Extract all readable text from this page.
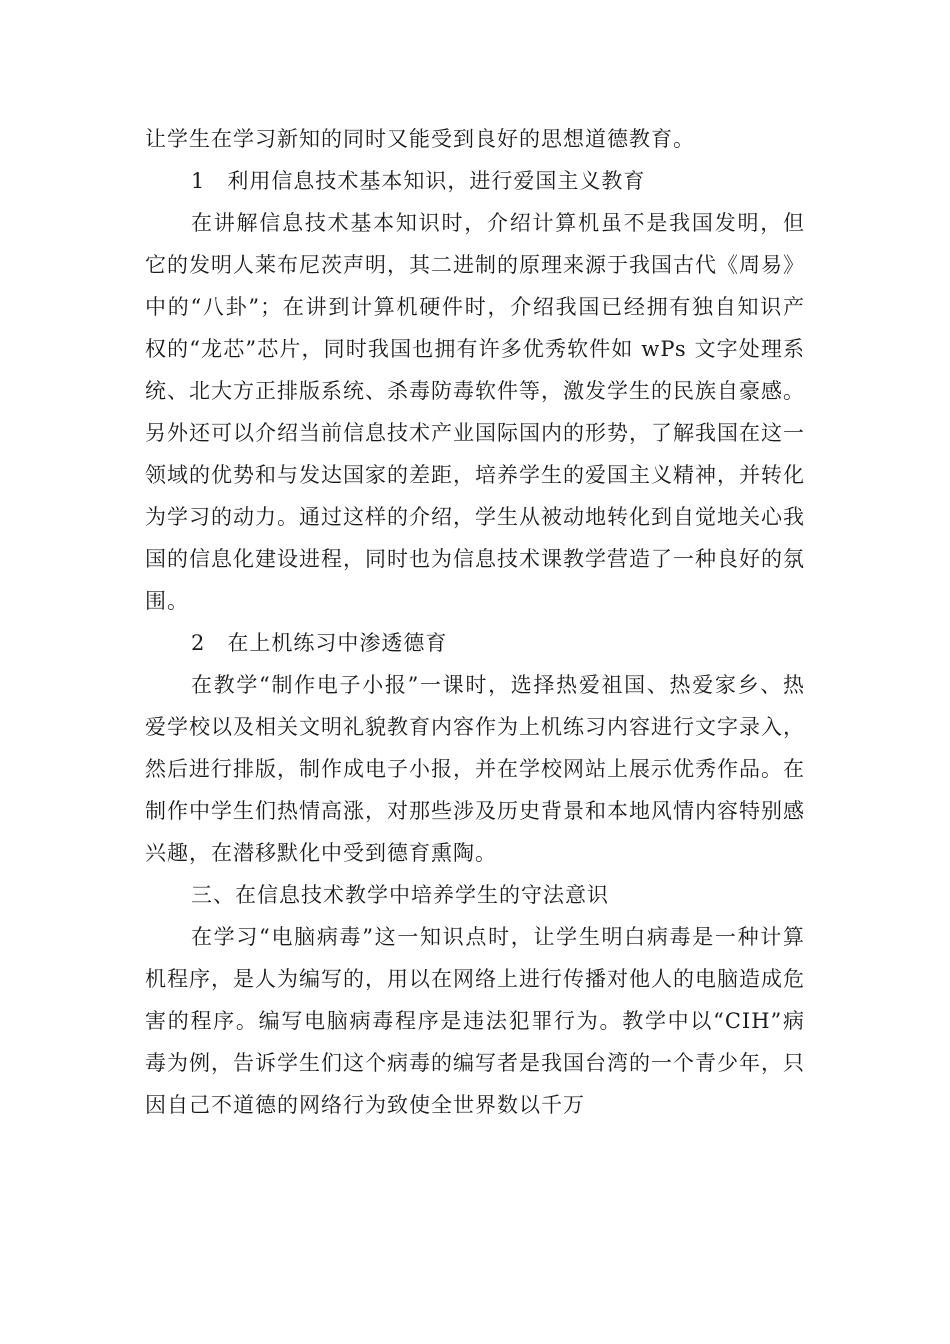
让学生在学习新知的同时又能受到良好的思想道德教育。

1　利用信息技术基本知识，进行爱国主义教育

在讲解信息技术基本知识时，介绍计算机虽不是我国发明，但它的发明人莱布尼茨声明，其二进制的原理来源于我国古代《周易》中的“八卦”；在讲到计算机硬件时，介绍我国已经拥有独自知识产权的“龙芯”芯片，同时我国也拥有许多优秀软件如 wPs 文字处理系统、北大方正排版系统、杀毒防毒软件等，激发学生的民族自豪感。另外还可以介绍当前信息技术产业国际国内的形势，了解我国在这一领域的优势和与发达国家的差距，培养学生的爱国主义精神，并转化为学习的动力。通过这样的介绍，学生从被动地转化到自觉地关心我国的信息化建设进程，同时也为信息技术课教学营造了一种良好的氛围。

2　在上机练习中渗透德育

在教学“制作电子小报”一课时，选择热爱祖国、热爱家乡、热爱学校以及相关文明礼貌教育内容作为上机练习内容进行文字录入，然后进行排版，制作成电子小报，并在学校网站上展示优秀作品。在制作中学生们热情高涨，对那些涉及历史背景和本地风情内容特别感兴趣，在潜移默化中受到德育熏陶。

三、在信息技术教学中培养学生的守法意识

在学习“电脑病毒”这一知识点时，让学生明白病毒是一种计算机程序，是人为编写的，用以在网络上进行传播对他人的电脑造成危害的程序。编写电脑病毒程序是违法犯罪行为。教学中以“CIH”病毒为例，告诉学生们这个病毒的编写者是我国台湾的一个青少年，只因自己不道德的网络行为致使全世界数以千万
